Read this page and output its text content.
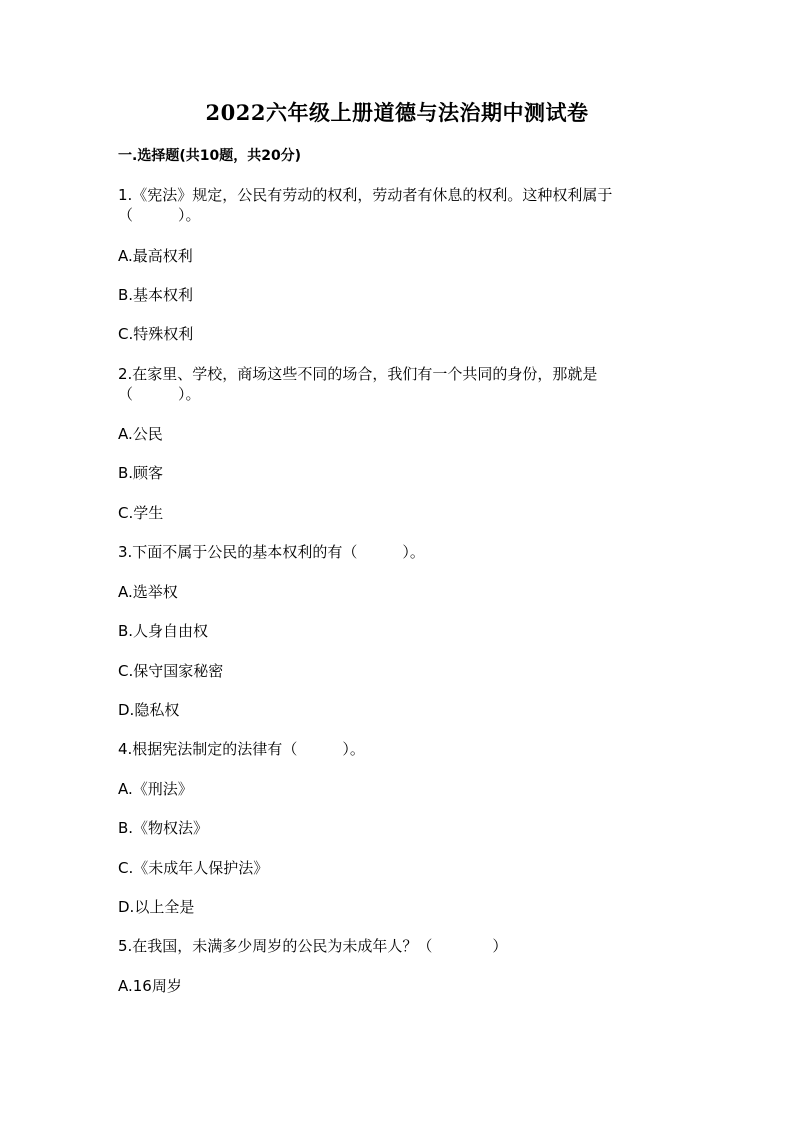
2022六年级上册道德与法治期中测试卷
一.选择题(共10题，共20分)
1.《宪法》规定，公民有劳动的权利，劳动者有休息的权利。这种权利属于
（　　　）。
A.最高权利
B.基本权利
C.特殊权利
2.在家里、学校，商场这些不同的场合，我们有一个共同的身份，那就是
（　　　）。
A.公民
B.顾客
C.学生
3.下面不属于公民的基本权利的有（　　　）。
A.选举权
B.人身自由权
C.保守国家秘密
D.隐私权
4.根据宪法制定的法律有（　　　）。
A.《刑法》
B.《物权法》
C.《未成年人保护法》
D.以上全是
5.在我国，未满多少周岁的公民为未成年人？（　　　　）
A.16周岁
